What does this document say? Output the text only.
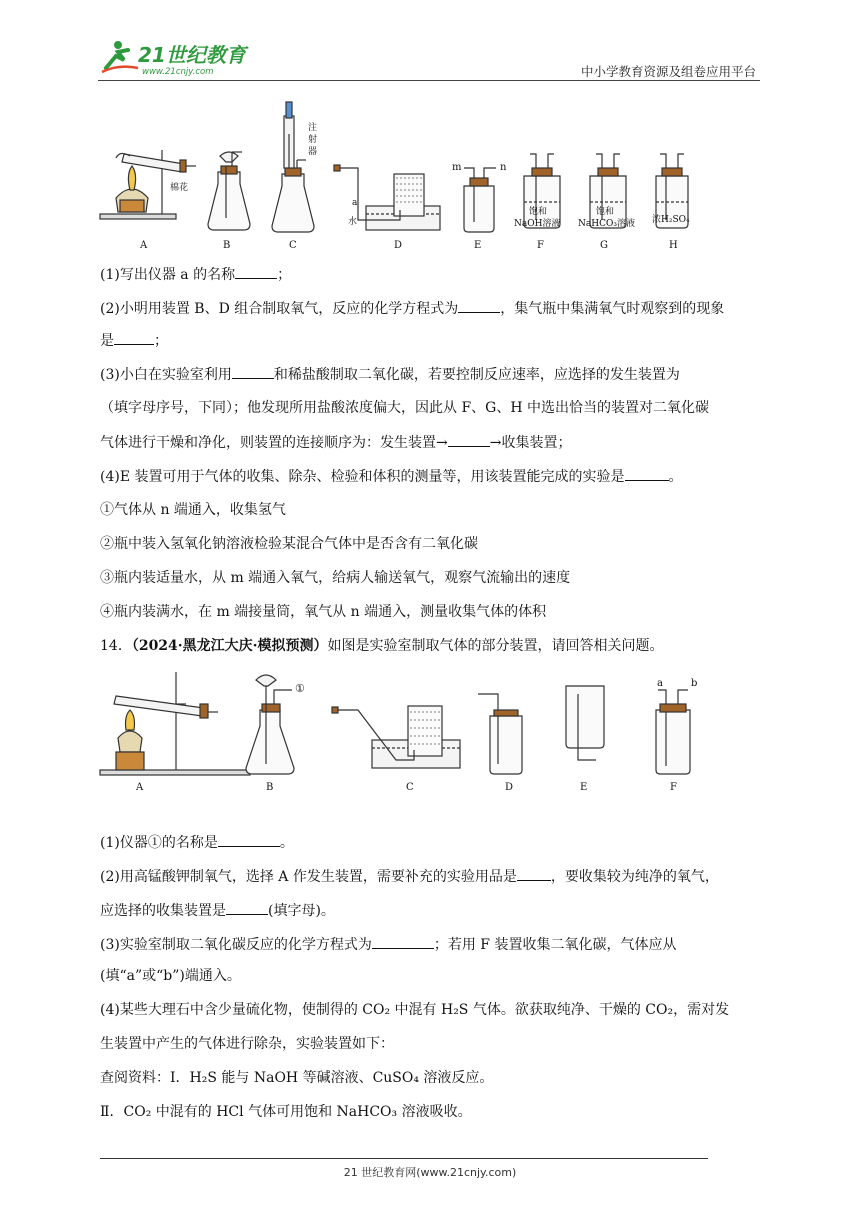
21世纪教育
www.21cnjy.com	中小学教育资源及组卷应用平台
A	B	C	D	E	F	G	H
棉花
注射器
a
水
m	n
饱和
NaOH溶液
饱和
NaHCO₃溶液 浓H₂SO₄
(1)写出仪器 a 的名称	；
(2)小明用装置 B、D 组合制取氧气，反应的化学方程式为	，集气瓶中集满氧气时观察到的现象
是	；
(3)小白在实验室利用	和稀盐酸制取二氧化碳，若要控制反应速率，应选择的发生装置为
（填字母序号，下同）；他发现所用盐酸浓度偏大，因此从 F、G、H 中选出恰当的装置对二氧化碳
气体进行干燥和净化，则装置的连接顺序为：发生装置→	→收集装置；
(4)E 装置可用于气体的收集、除杂、检验和体积的测量等，用该装置能完成的实验是	。
①气体从 n 端通入，收集氢气
②瓶中装入氢氧化钠溶液检验某混合气体中是否含有二氧化碳
③瓶内装适量水，从 m 端通入氧气，给病人输送氧气，观察气流输出的速度
④瓶内装满水，在 m 端接量筒，氧气从 n 端通入，测量收集气体的体积
14．（2024·黑龙江大庆·模拟预测）如图是实验室制取气体的部分装置，请回答相关问题。
A	B	C	D	E	F
①	a	b
(1)仪器①的名称是	。
(2)用高锰酸钾制氧气，选择 A 作发生装置，需要补充的实验用品是 ，要收集较为纯净的氧气，
应选择的收集装置是	(填字母)。
(3)实验室制取二氧化碳反应的化学方程式为	；若用 F 装置收集二氧化碳，气体应从
(填“a”或“b”)端通入。
(4)某些大理石中含少量硫化物，使制得的 CO₂ 中混有 H₂S 气体。欲获取纯净、干燥的 CO₂，需对发
生装置中产生的气体进行除杂，实验装置如下：
查阅资料：Ⅰ．H₂S 能与 NaOH 等碱溶液、CuSO₄ 溶液反应。
Ⅱ．CO₂ 中混有的 HCl 气体可用饱和 NaHCO₃ 溶液吸收。
21 世纪教育网(www.21cnjy.com)
